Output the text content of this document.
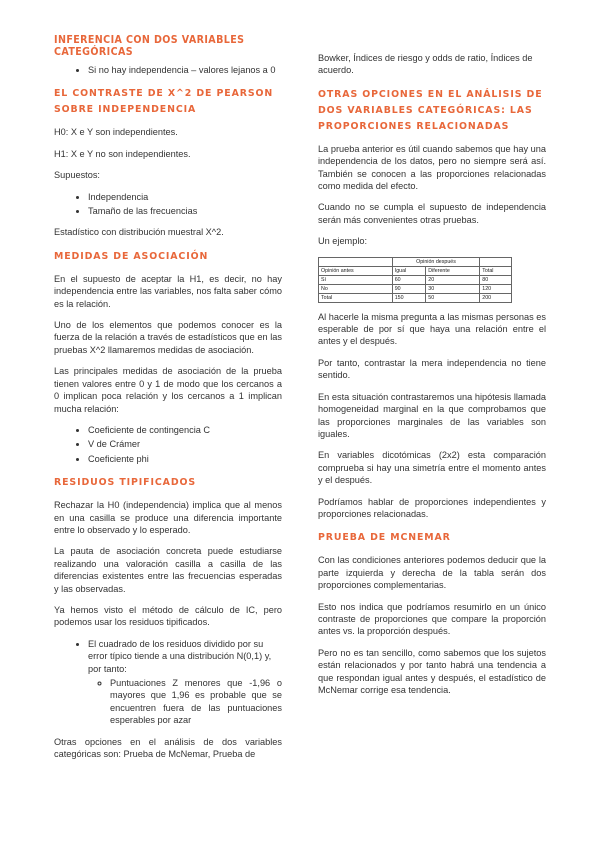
INFERENCIA CON DOS VARIABLES CATEGÓRICAS
• Si no hay independencia – valores lejanos a 0
EL CONTRASTE DE X^2 DE PEARSON SOBRE INDEPENDENCIA

H0: X e Y son independientes.

H1: X e Y no son independientes.

Supuestos:

• Independencia
• Tamaño de las frecuencias

Estadístico con distribución muestral X^2.

MEDIDAS DE ASOCIACIÓN

En el supuesto de aceptar la H1, es decir, no hay independencia entre las variables, nos falta saber cómo es la relación.

Uno de los elementos que podemos conocer es la fuerza de la relación a través de estadísticos que en las pruebas X^2 llamaremos medidas de asociación.

Las principales medidas de asociación de la prueba tienen valores entre 0 y 1 de modo que los cercanos a 0 implican poca relación y los cercanos a 1 implican mucha relación:

• Coeficiente de contingencia C
• V de Crámer
• Coeficiente phi
RESIDUOS TIPIFICADOS

Rechazar la H0 (independencia) implica que al menos en una casilla se produce una diferencia importante entre lo observado y lo esperado.

La pauta de asociación concreta puede estudiarse realizando una valoración casilla a casilla de las diferencias existentes entre las frecuencias esperadas y las observadas.

Ya hemos visto el método de cálculo de IC, pero podemos usar los residuos tipificados.

• El cuadrado de los residuos dividido por su error típico tiende a una distribución N(0,1) y, por tanto:
◦ Puntuaciones Z menores que -1,96 o mayores que 1,96 es probable que se encuentren fuera de las puntuaciones esperables por azar

Otras opciones en el análisis de dos variables categóricas son: Prueba de McNemar, Prueba de

Bowker, Índices de riesgo y odds de ratio, Índices de acuerdo.

OTRAS OPCIONES EN EL ANÁLISIS DE DOS VARIABLES CATEGÓRICAS: LAS PROPORCIONES RELACIONADAS

La prueba anterior es útil cuando sabemos que hay una independencia de los datos, pero no siempre será así. También se conocen a las proporciones relacionadas como medida del efecto.

Cuando no se cumpla el supuesto de independencia serán más convenientes otras pruebas.

Un ejemplo:

	Opinión después		
Opinión antes	Igual	Diferente	Total
Sí	60	20	80
No	90	30	120
Total	150	50	200

Al hacerle la misma pregunta a las mismas personas es esperable de por sí que haya una relación entre el antes y el después.

Por tanto, contrastar la mera independencia no tiene sentido.

En esta situación contrastaremos una hipótesis llamada homogeneidad marginal en la que comprobamos que las proporciones marginales de las variables son iguales.

En variables dicotómicas (2x2) esta comparación comprueba si hay una simetría entre el momento antes y el después.

Podríamos hablar de proporciones independientes y proporciones relacionadas.

PRUEBA DE MCNEMAR

Con las condiciones anteriores podemos deducir que la parte izquierda y derecha de la tabla serán dos proporciones complementarias.

Esto nos indica que podríamos resumirlo en un único contraste de proporciones que compare la proporción antes vs. la proporción después.

Pero no es tan sencillo, como sabemos que los sujetos están relacionados y por tanto habrá una tendencia a que respondan igual antes y después, el estadístico de McNemar corrige esa tendencia.
